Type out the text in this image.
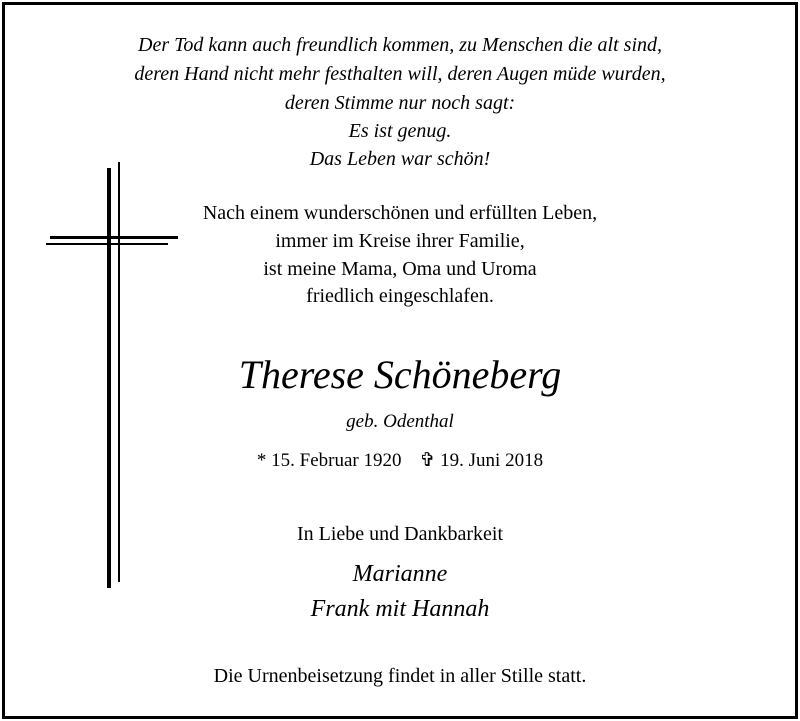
Der Tod kann auch freundlich kommen, zu Menschen die alt sind,
deren Hand nicht mehr festhalten will, deren Augen müde wurden,
deren Stimme nur noch sagt:
Es ist genug.
Das Leben war schön!
Nach einem wunderschönen und erfüllten Leben,
immer im Kreise ihrer Familie,
ist meine Mama, Oma und Uroma
friedlich eingeschlafen.
Therese Schöneberg
geb. Odenthal
* 15. Februar 1920 ✞ 19. Juni 2018
In Liebe und Dankbarkeit
Marianne
Frank mit Hannah
Die Urnenbeisetzung findet in aller Stille statt.
